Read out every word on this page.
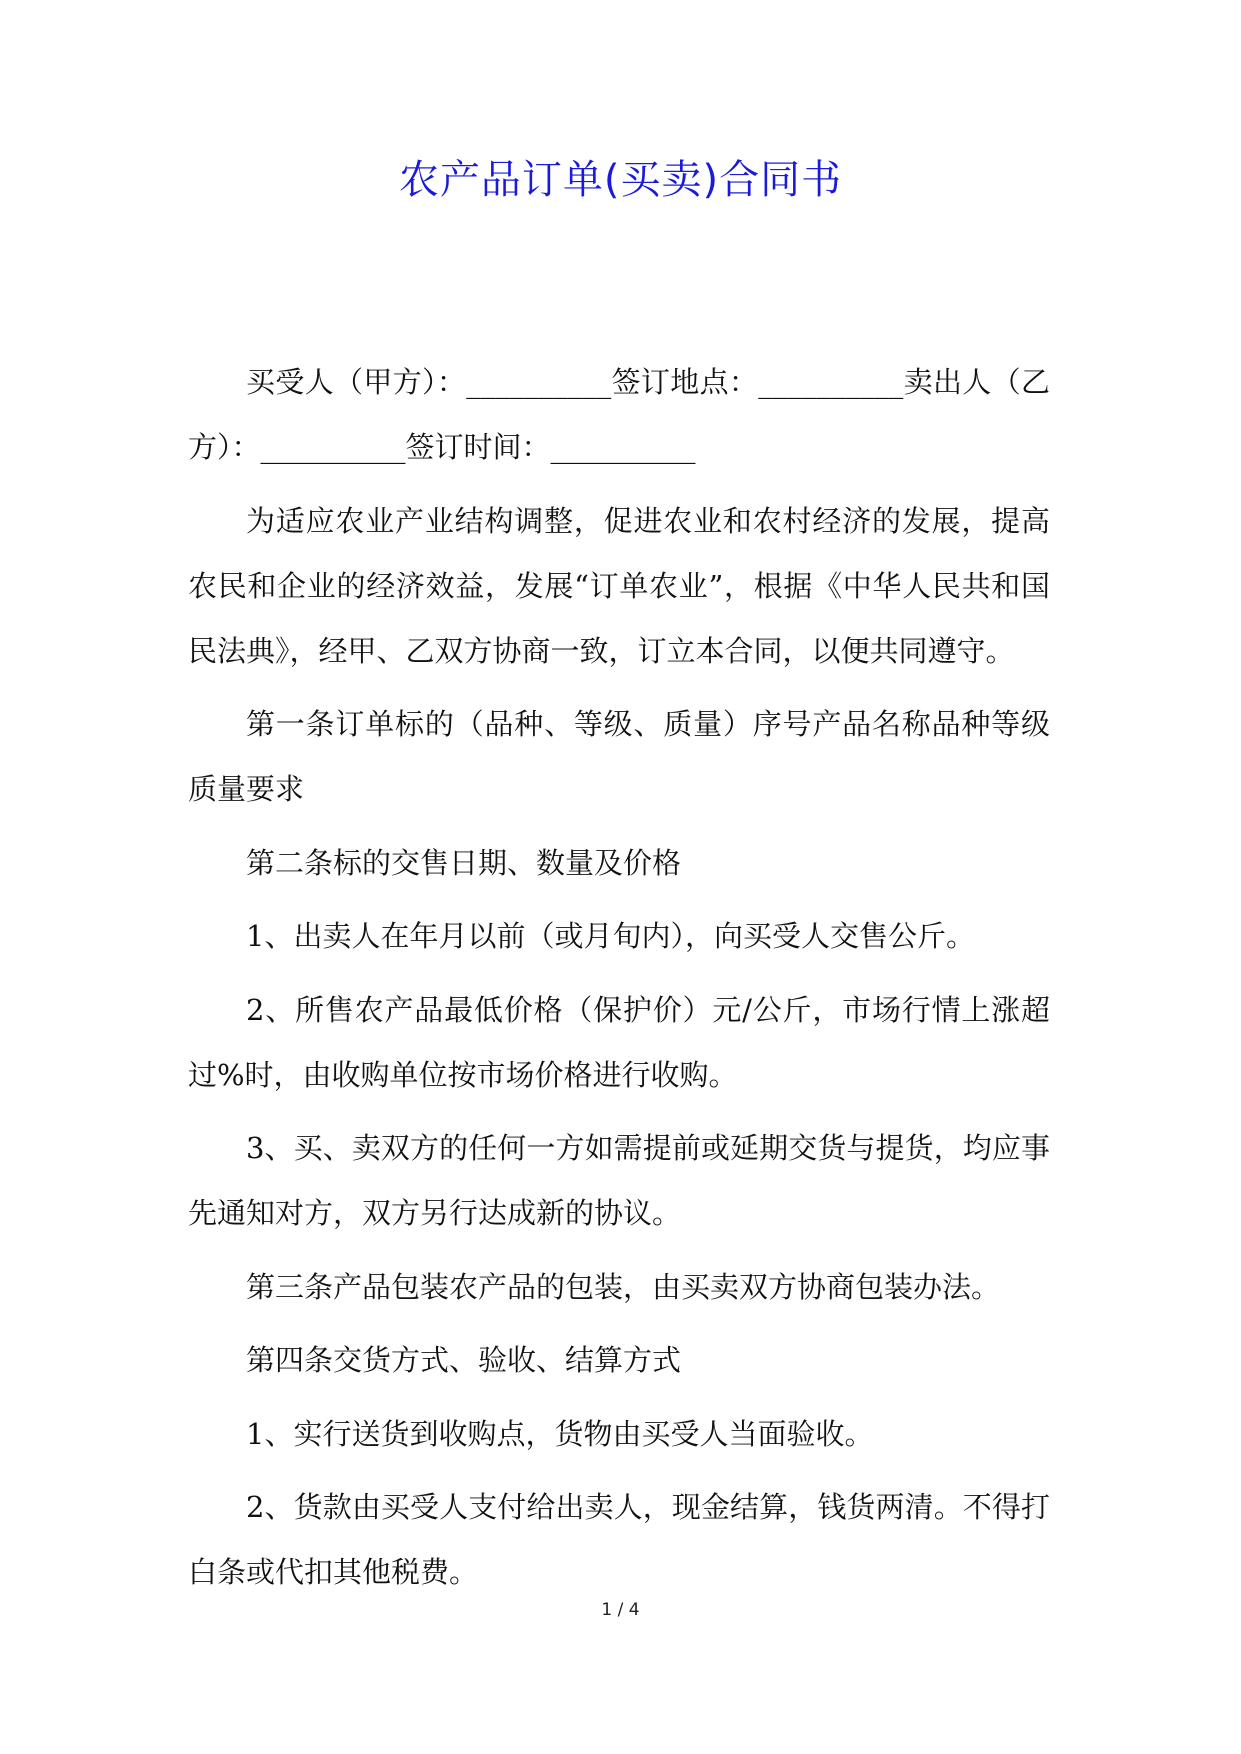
农产品订单(买卖)合同书

买受人（甲方）：__________签订地点：__________卖出人（乙方）：__________签订时间：__________

为适应农业产业结构调整，促进农业和农村经济的发展，提高农民和企业的经济效益，发展“订单农业”，根据《中华人民共和国民法典》，经甲、乙双方协商一致，订立本合同，以便共同遵守。

第一条订单标的（品种、等级、质量）序号产品名称品种等级质量要求

第二条标的交售日期、数量及价格

1、出卖人在年月以前（或月旬内），向买受人交售公斤。

2、所售农产品最低价格（保护价）元/公斤，市场行情上涨超过%时，由收购单位按市场价格进行收购。

3、买、卖双方的任何一方如需提前或延期交货与提货，均应事先通知对方，双方另行达成新的协议。

第三条产品包装农产品的包装，由买卖双方协商包装办法。

第四条交货方式、验收、结算方式

1、实行送货到收购点，货物由买受人当面验收。

2、货款由买受人支付给出卖人，现金结算，钱货两清。不得打白条或代扣其他税费。

1 / 4
